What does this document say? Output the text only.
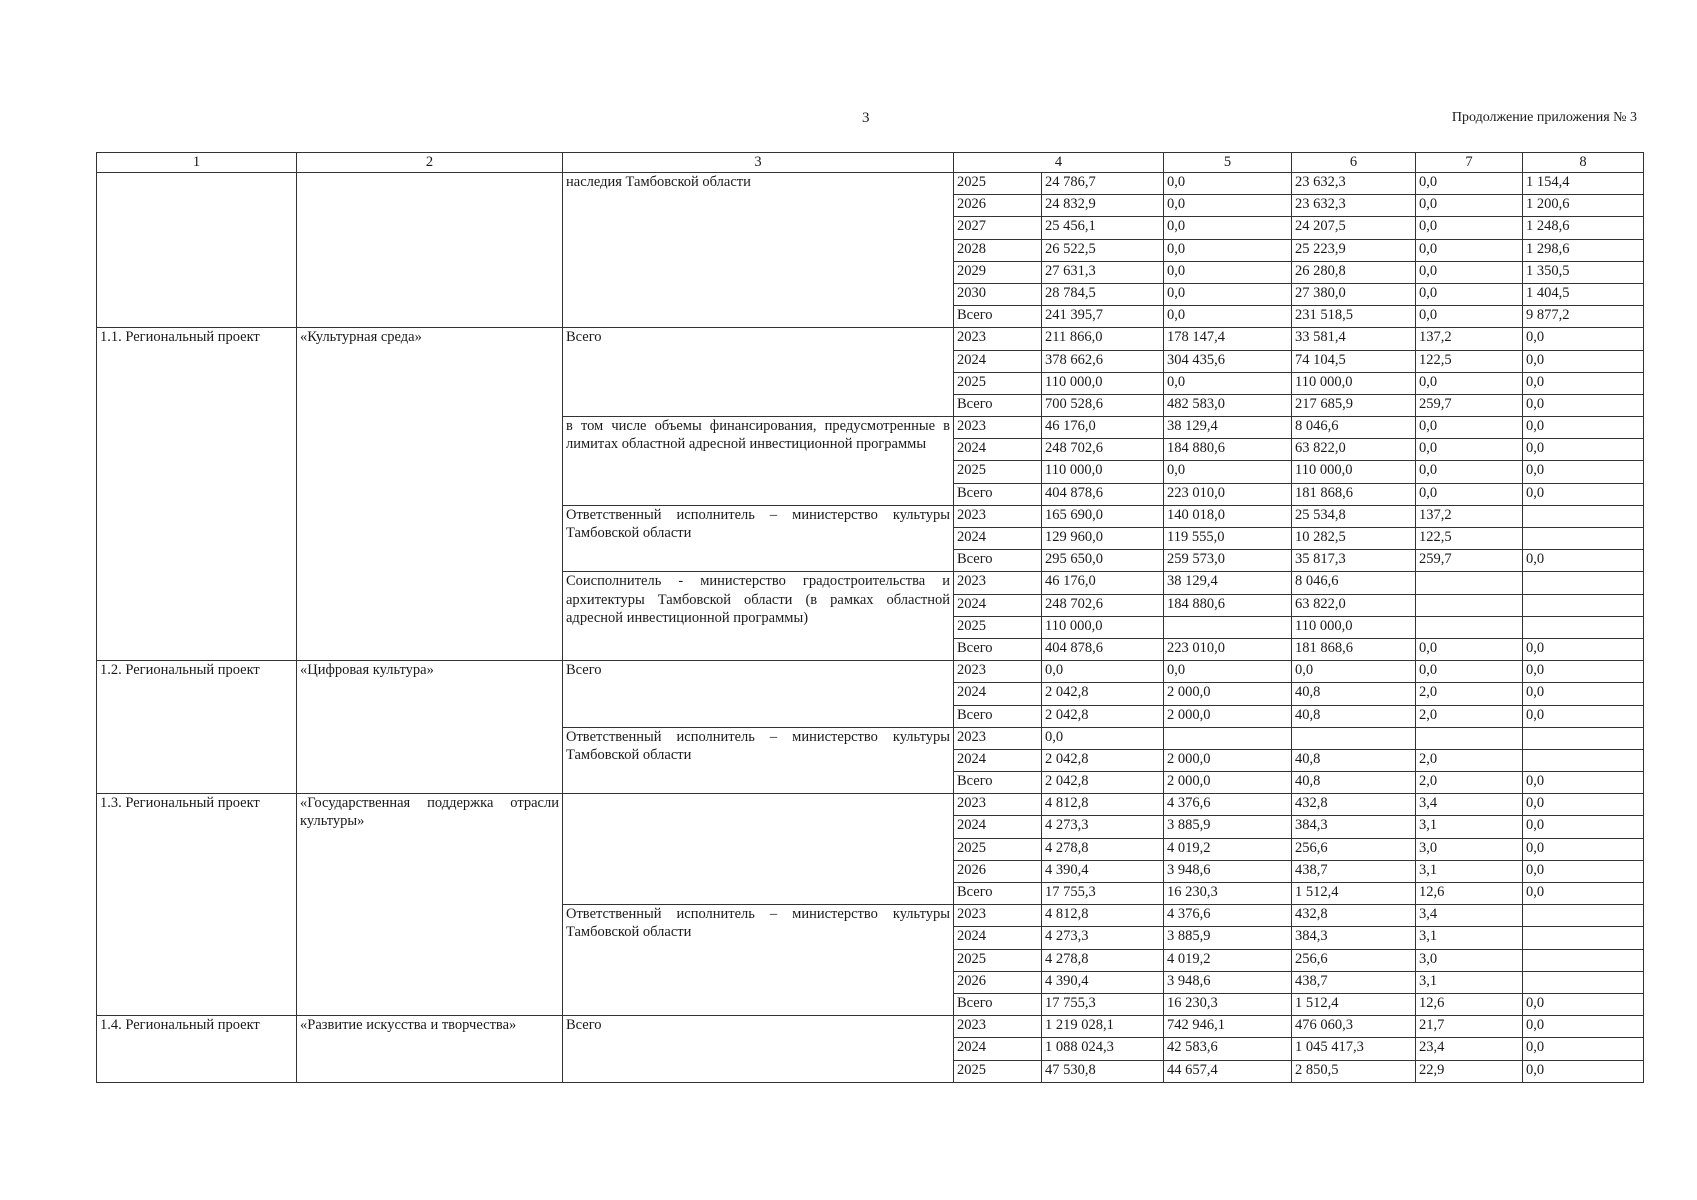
3	Продолжение приложения № 3
1	2	3	4		5	6	7	8
		наследия Тамбовской области	2025	24 786,7	0,0	23 632,3	0,0	1 154,4
			2026	24 832,9	0,0	23 632,3	0,0	1 200,6
			2027	25 456,1	0,0	24 207,5	0,0	1 248,6
			2028	26 522,5	0,0	25 223,9	0,0	1 298,6
			2029	27 631,3	0,0	26 280,8	0,0	1 350,5
			2030	28 784,5	0,0	27 380,0	0,0	1 404,5
			Всего	241 395,7	0,0	231 518,5	0,0	9 877,2
1.1. Региональный проект	«Культурная среда»	Всего	2023	211 866,0	178 147,4	33 581,4	137,2	0,0
			2024	378 662,6	304 435,6	74 104,5	122,5	0,0
			2025	110 000,0	0,0	110 000,0	0,0	0,0
			Всего	700 528,6	482 583,0	217 685,9	259,7	0,0
		в том числе объемы финансирования, предусмотренные в лимитах областной адресной инвестиционной программы	2023	46 176,0	38 129,4	8 046,6	0,0	0,0
			2024	248 702,6	184 880,6	63 822,0	0,0	0,0
			2025	110 000,0	0,0	110 000,0	0,0	0,0
			Всего	404 878,6	223 010,0	181 868,6	0,0	0,0
		Ответственный исполнитель – министерство культуры Тамбовской области	2023	165 690,0	140 018,0	25 534,8	137,2	
			2024	129 960,0	119 555,0	10 282,5	122,5	
			Всего	295 650,0	259 573,0	35 817,3	259,7	0,0
		Соисполнитель - министерство градостроительства и архитектуры Тамбовской области (в рамках областной адресной инвестиционной программы)	2023	46 176,0	38 129,4	8 046,6		
			2024	248 702,6	184 880,6	63 822,0		
			2025	110 000,0		110 000,0		
			Всего	404 878,6	223 010,0	181 868,6	0,0	0,0
1.2. Региональный проект	«Цифровая культура»	Всего	2023	0,0	0,0	0,0	0,0	0,0
			2024	2 042,8	2 000,0	40,8	2,0	0,0
			Всего	2 042,8	2 000,0	40,8	2,0	0,0
		Ответственный исполнитель – министерство культуры Тамбовской области	2023	0,0				
			2024	2 042,8	2 000,0	40,8	2,0	
			Всего	2 042,8	2 000,0	40,8	2,0	0,0
1.3. Региональный проект	«Государственная поддержка отрасли культуры»		2023	4 812,8	4 376,6	432,8	3,4	0,0
			2024	4 273,3	3 885,9	384,3	3,1	0,0
			2025	4 278,8	4 019,2	256,6	3,0	0,0
			2026	4 390,4	3 948,6	438,7	3,1	0,0
			Всего	17 755,3	16 230,3	1 512,4	12,6	0,0
		Ответственный исполнитель – министерство культуры Тамбовской области	2023	4 812,8	4 376,6	432,8	3,4	
			2024	4 273,3	3 885,9	384,3	3,1	
			2025	4 278,8	4 019,2	256,6	3,0	
			2026	4 390,4	3 948,6	438,7	3,1	
			Всего	17 755,3	16 230,3	1 512,4	12,6	0,0
1.4. Региональный проект	«Развитие искусства и творчества»	Всего	2023	1 219 028,1	742 946,1	476 060,3	21,7	0,0
			2024	1 088 024,3	42 583,6	1 045 417,3	23,4	0,0
			2025	47 530,8	44 657,4	2 850,5	22,9	0,0
